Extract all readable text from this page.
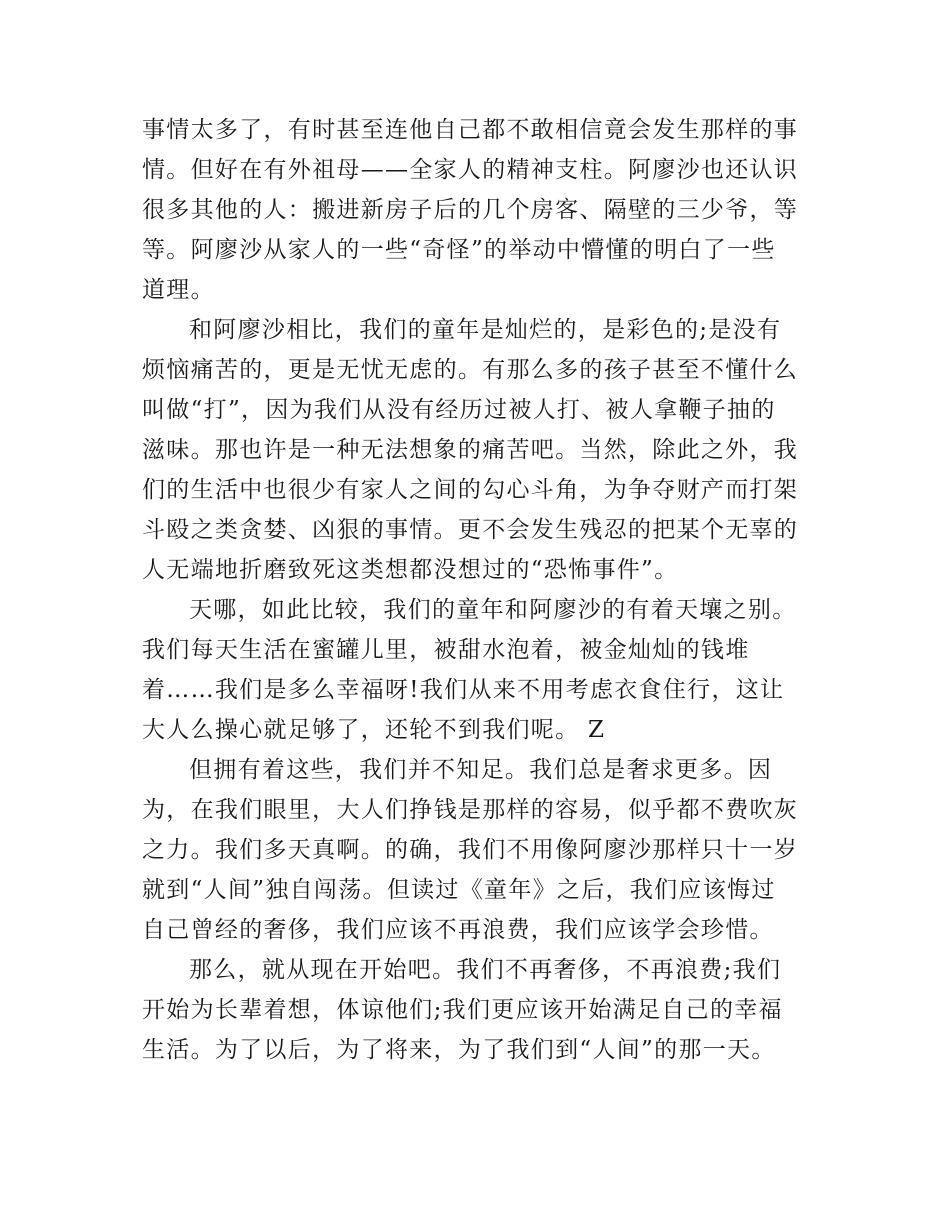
事情太多了，有时甚至连他自己都不敢相信竟会发生那样的事
情。但好在有外祖母——全家人的精神支柱。阿廖沙也还认识
很多其他的人：搬进新房子后的几个房客、隔壁的三少爷，等
等。阿廖沙从家人的一些“奇怪”的举动中懵懂的明白了一些
道理。
和阿廖沙相比，我们的童年是灿烂的，是彩色的;是没有
烦恼痛苦的，更是无忧无虑的。有那么多的孩子甚至不懂什么
叫做“打”，因为我们从没有经历过被人打、被人拿鞭子抽的
滋味。那也许是一种无法想象的痛苦吧。当然，除此之外，我
们的生活中也很少有家人之间的勾心斗角，为争夺财产而打架
斗殴之类贪婪、凶狠的事情。更不会发生残忍的把某个无辜的
人无端地折磨致死这类想都没想过的“恐怖事件”。
天哪，如此比较，我们的童年和阿廖沙的有着天壤之别。
我们每天生活在蜜罐儿里，被甜水泡着，被金灿灿的钱堆
着……我们是多么幸福呀!我们从来不用考虑衣食住行，这让
大人么操心就足够了，还轮不到我们呢。 Z
但拥有着这些，我们并不知足。我们总是奢求更多。因
为，在我们眼里，大人们挣钱是那样的容易，似乎都不费吹灰
之力。我们多天真啊。的确，我们不用像阿廖沙那样只十一岁
就到“人间”独自闯荡。但读过《童年》之后，我们应该悔过
自己曾经的奢侈，我们应该不再浪费，我们应该学会珍惜。
那么，就从现在开始吧。我们不再奢侈，不再浪费;我们
开始为长辈着想，体谅他们;我们更应该开始满足自己的幸福
生活。为了以后，为了将来，为了我们到“人间”的那一天。
